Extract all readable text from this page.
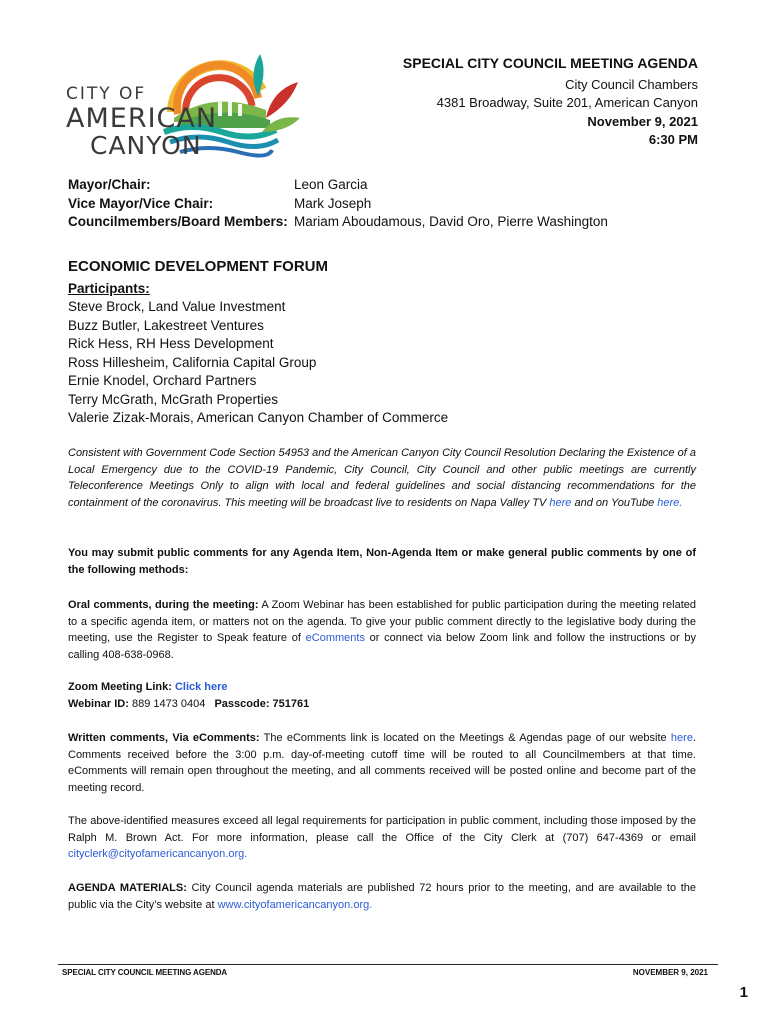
CITY OF
AMERICAN
CANYON
SPECIAL CITY COUNCIL MEETING AGENDA
City Council Chambers
4381 Broadway, Suite 201, American Canyon
November 9, 2021
6:30 PM
Mayor/Chair:	Leon Garcia
Vice Mayor/Vice Chair:	Mark Joseph
Councilmembers/Board Members: Mariam Aboudamous, David Oro, Pierre Washington
ECONOMIC DEVELOPMENT FORUM
Participants:
Steve Brock, Land Value Investment
Buzz Butler, Lakestreet Ventures
Rick Hess, RH Hess Development
Ross Hillesheim, California Capital Group
Ernie Knodel, Orchard Partners
Terry McGrath, McGrath Properties
Valerie Zizak-Morais, American Canyon Chamber of Commerce
Consistent with Government Code Section 54953 and the American Canyon City Council Resolution Declaring the Existence of a Local Emergency due to the COVID-19 Pandemic, City Council, City Council and other public meetings are currently Teleconference Meetings Only to align with local and federal guidelines and social distancing recommendations for the containment of the coronavirus. This meeting will be broadcast live to residents on Napa Valley TV here and on YouTube here.
You may submit public comments for any Agenda Item, Non-Agenda Item or make general public comments by one of the following methods:
Oral comments, during the meeting: A Zoom Webinar has been established for public participation during the meeting related to a specific agenda item, or matters not on the agenda. To give your public comment directly to the legislative body during the meeting, use the Register to Speak feature of eComments or connect via below Zoom link and follow the instructions or by calling 408-638-0968.
Zoom Meeting Link: Click here
Webinar ID: 889 1473 0404 Passcode: 751761
Written comments, Via eComments: The eComments link is located on the Meetings & Agendas page of our website here. Comments received before the 3:00 p.m. day-of-meeting cutoff time will be routed to all Councilmembers at that time. eComments will remain open throughout the meeting, and all comments received will be posted online and become part of the meeting record.
The above-identified measures exceed all legal requirements for participation in public comment, including those imposed by the Ralph M. Brown Act. For more information, please call the Office of the City Clerk at (707) 647-4369 or email cityclerk@cityofamericancanyon.org.
AGENDA MATERIALS: City Council agenda materials are published 72 hours prior to the meeting, and are available to the public via the City’s website at www.cityofamericancanyon.org.
SPECIAL CITY COUNCIL MEETING AGENDA	NOVEMBER 9, 2021
1
